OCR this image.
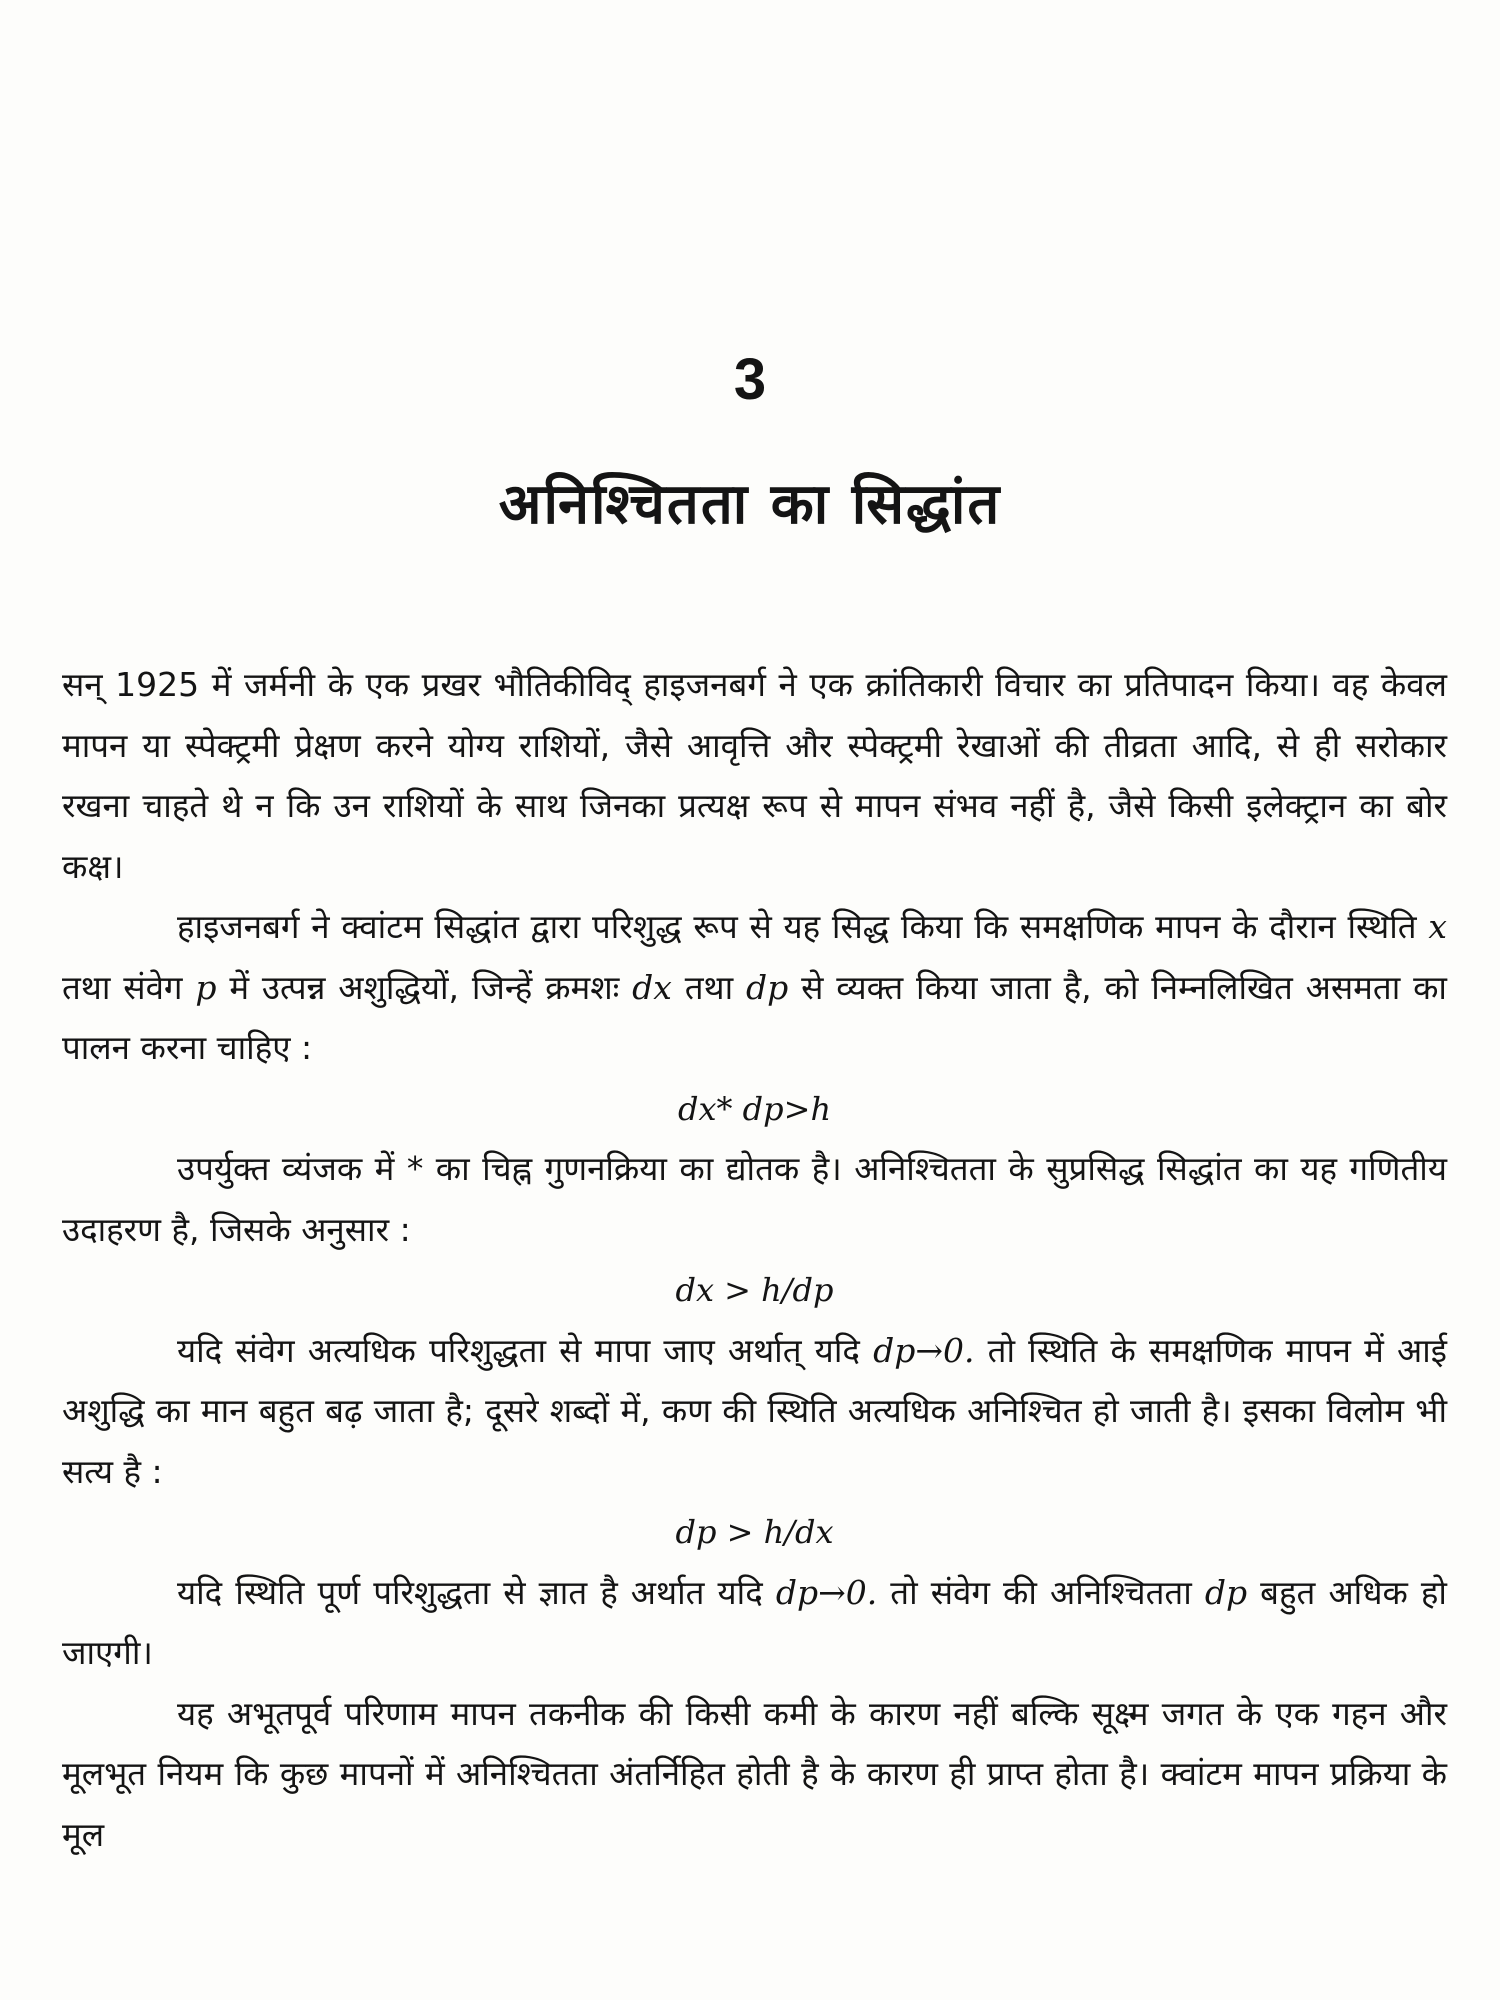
3
अनिश्चितता का सिद्धांत

सन् 1925 में जर्मनी के एक प्रखर भौतिकीविद् हाइजनबर्ग ने एक क्रांतिकारी विचार का प्रतिपादन किया। वह केवल मापन या स्पेक्ट्रमी प्रेक्षण करने योग्य राशियों, जैसे आवृत्ति और स्पेक्ट्रमी रेखाओं की तीव्रता आदि, से ही सरोकार रखना चाहते थे न कि उन राशियों के साथ जिनका प्रत्यक्ष रूप से मापन संभव नहीं है, जैसे किसी इलेक्ट्रान का बोर कक्ष।

हाइजनबर्ग ने क्वांटम सिद्धांत द्वारा परिशुद्ध रूप से यह सिद्ध किया कि समक्षणिक मापन के दौरान स्थिति x तथा संवेग p में उत्पन्न अशुद्धियों, जिन्हें क्रमशः dx तथा dp से व्यक्त किया जाता है, को निम्नलिखित असमता का पालन करना चाहिए :

dx* dp>h

उपर्युक्त व्यंजक में * का चिह्न गुणनक्रिया का द्योतक है। अनिश्चितता के सुप्रसिद्ध सिद्धांत का यह गणितीय उदाहरण है, जिसके अनुसार :

dx > h/dp

यदि संवेग अत्यधिक परिशुद्धता से मापा जाए अर्थात् यदि dp→0. तो स्थिति के समक्षणिक मापन में आई अशुद्धि का मान बहुत बढ़ जाता है; दूसरे शब्दों में, कण की स्थिति अत्यधिक अनिश्चित हो जाती है। इसका विलोम भी सत्य है :

dp > h/dx

यदि स्थिति पूर्ण परिशुद्धता से ज्ञात है अर्थात यदि dp→0. तो संवेग की अनिश्चितता dp बहुत अधिक हो जाएगी।

यह अभूतपूर्व परिणाम मापन तकनीक की किसी कमी के कारण नहीं बल्कि सूक्ष्म जगत के एक गहन और मूलभूत नियम कि कुछ मापनों में अनिश्चितता अंतर्निहित होती है के कारण ही प्राप्त होता है। क्वांटम मापन प्रक्रिया के मूल
